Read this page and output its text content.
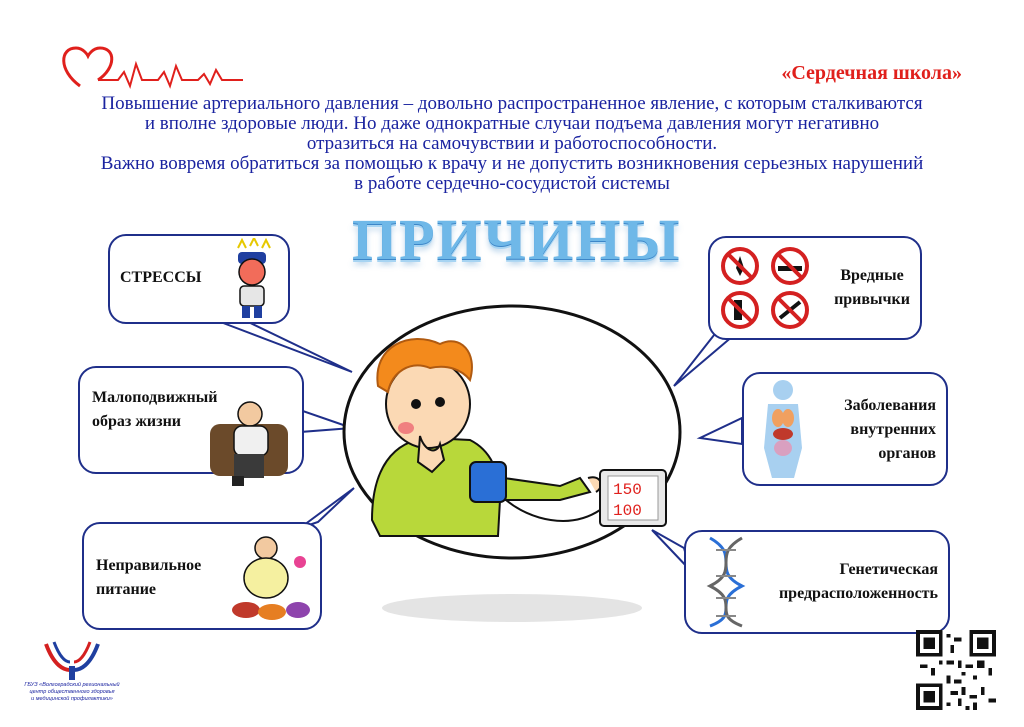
«Сердечная школа»

Повышение артериального давления – довольно распространенное явление, с которым сталкиваются

и вполне здоровые люди. Но даже однократные случаи подъема давления могут негативно

отразиться на самочувствии и работоспособности.

Важно вовремя обратиться за помощью к врачу и не допустить возникновения серьезных нарушений

в работе сердечно-сосудистой системы

ПРИЧИНЫ
150
100
СТРЕССЫ
Малоподвижный
образ жизни
Неправильное
питание
Вредные
привычки
Заболевания
внутренних
органов
Генетическая
предрасположенность
ГБУЗ «Волгоградский региональный
центр общественного здоровья
и медицинской профилактики»
